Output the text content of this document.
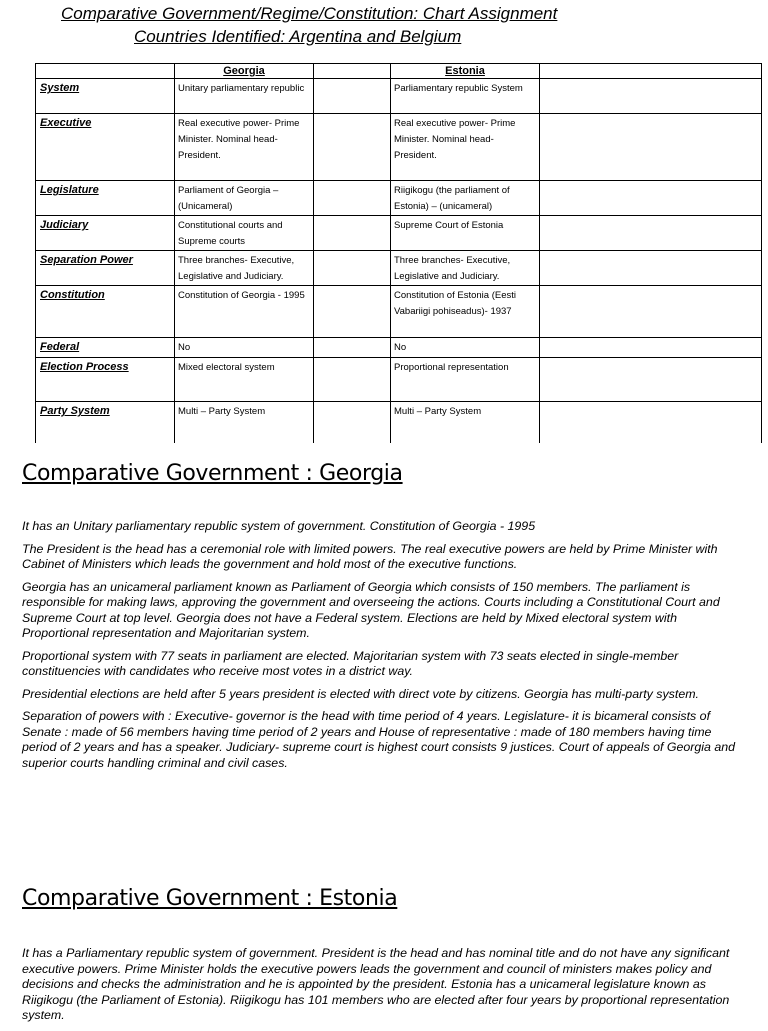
Comparative Government/Regime/Constitution: Chart Assignment

Countries Identified: Argentina and Belgium

	Georgia		Estonia	
System	Unitary parliamentary republic		Parliamentary republic System	
Executive	Real executive power- Prime Minister. Nominal head- President.		Real executive power- Prime Minister. Nominal head- President.	
Legislature	Parliament of Georgia – (Unicameral)		Riigikogu (the parliament of Estonia) – (unicameral)	
Judiciary	Constitutional courts and Supreme courts		Supreme Court of Estonia	
Separation Power	Three branches- Executive, Legislative and Judiciary.		Three branches- Executive, Legislative and Judiciary.	
Constitution	Constitution of Georgia - 1995		Constitution of Estonia (Eesti Vabariigi pohiseadus)- 1937	
Federal	No		No	
Election Process	Mixed electoral system		Proportional representation	
Party System	Multi – Party System		Multi – Party System	
Comparative Government : Georgia

It has an Unitary parliamentary republic system of government. Constitution of Georgia - 1995

The President is the head has a ceremonial role with limited powers. The real executive powers are held by Prime Minister with Cabinet of Ministers which leads the government and hold most of the executive functions.

Georgia has an unicameral parliament known as Parliament of Georgia which consists of 150 members. The parliament is responsible for making laws, approving the government and overseeing the actions. Courts including a Constitutional Court and Supreme Court at top level. Georgia does not have a Federal system. Elections are held by Mixed electoral system with Proportional representation and Majoritarian system.

Proportional system with 77 seats in parliament are elected. Majoritarian system with 73 seats elected in single-member constituencies with candidates who receive most votes in a district way.

Presidential elections are held after 5 years president is elected with direct vote by citizens. Georgia has multi-party system.

Separation of powers with : Executive- governor is the head with time period of 4 years. Legislature- it is bicameral consists of Senate : made of 56 members having time period of 2 years and House of representative : made of 180 members having time period of 2 years and has a speaker. Judiciary- supreme court is highest court consists 9 justices. Court of appeals of Georgia and superior courts handling criminal and civil cases.

Comparative Government : Estonia

It has a Parliamentary republic system of government. President is the head and has nominal title and do not have any significant executive powers. Prime Minister holds the executive powers leads the government and council of ministers makes policy and decisions and checks the administration and he is appointed by the president. Estonia has a unicameral legislature known as Riigikogu (the Parliament of Estonia). Riigikogu has 101 members who are elected after four years by proportional representation system.
